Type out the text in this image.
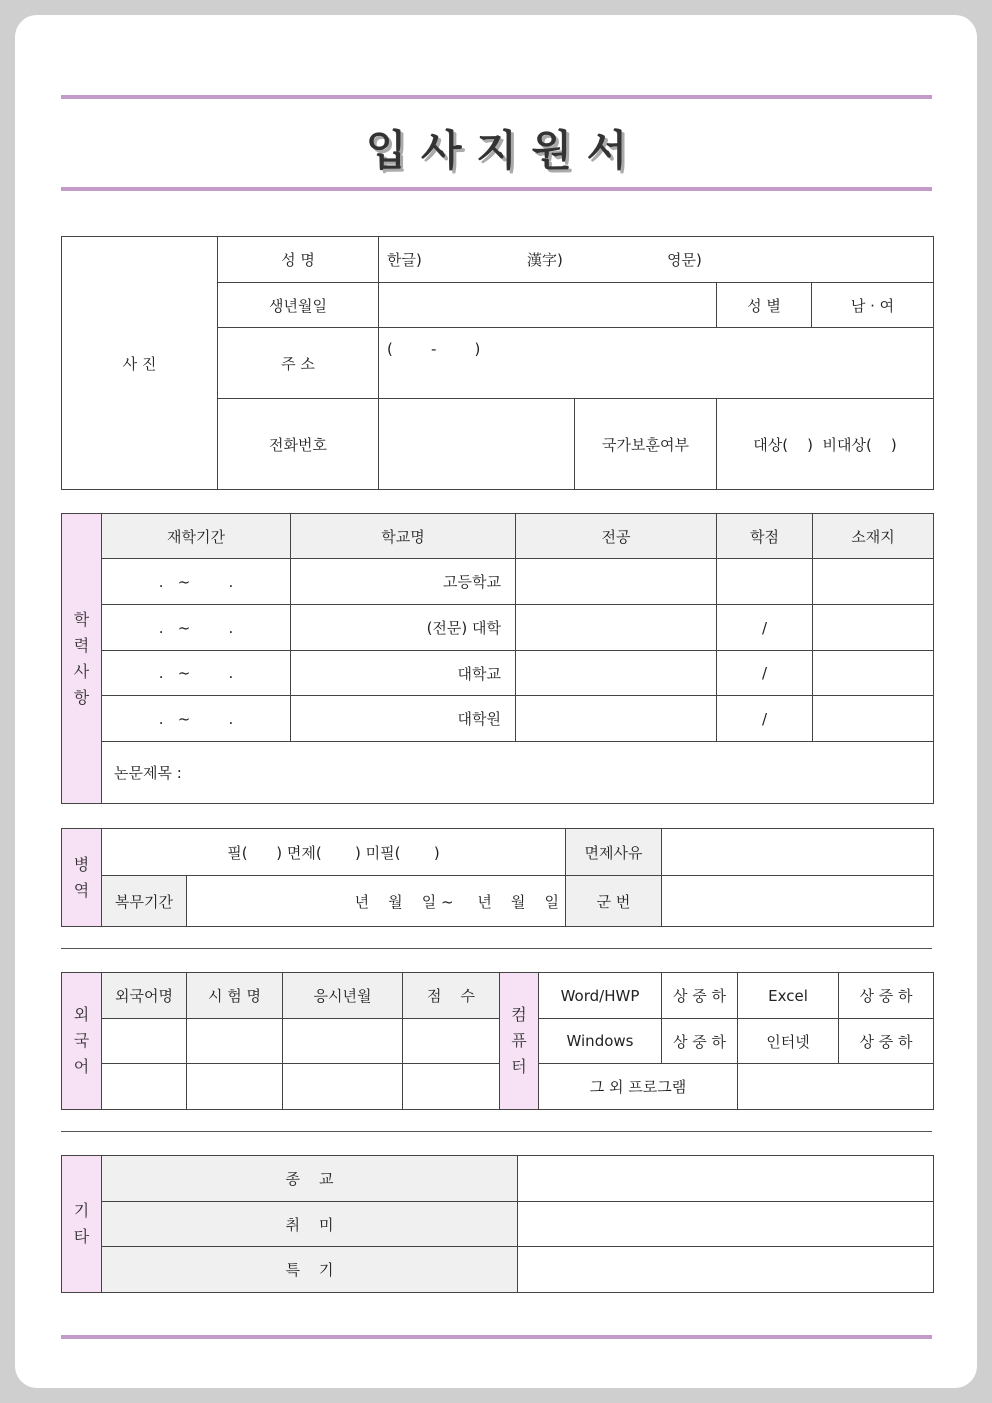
입 사 지 원 서
사 진	성 명	한글) 漢字) 영문)			
	생년월일			성 별	남 · 여
	주 소	(        -        )			
	전화번호		국가보훈여부	대상(    )  비대상(    )	
학력사항	재학기간	학교명	전공	학점	소재지
	.   ~        .	고등학교			
	.   ~        .	(전문) 대학		/	
	.   ~        .	대학교		/	
	.   ~        .	대학원		/	
	논문제목 :				
병역	필(      ) 면제(       ) 미필(       )		면제사유	
	복무기간	년    월    일 ~     년    월    일	군 번	
외국어	외국어명	시 험 명	응시년월	점    수	컴퓨터	Word/HWP	상 중 하	Excel	상 중 하
						Windows	상 중 하	인터넷	상 중 하
						그 외 프로그램			
기타	종    교	
	취    미	
	특    기	
